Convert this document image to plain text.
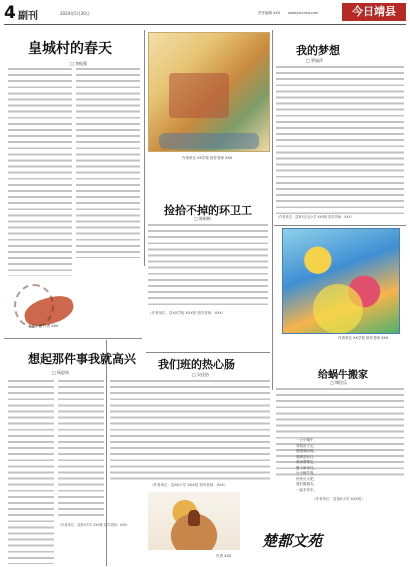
4 副刊	2024年5月30日	责任编辑 XXX www.jxmrxw.com	今日靖县
皇城村的春天
□ 李振强
吉祥如意 作者 XXX
作者单位 XX学校 指导老师 XXX
捡拾不掉的环卫工
□ 陈彬彬
（作者单位：县XX学校 XXX班 指导老师：XXX）
我的梦想
□ 罗丽萍
（作者单位：县第X完全小学 XXX班 指导老师：XXX）
作者单位 XX学校 指导老师 XXX
想起那件事我就高兴
□ 杨思妍
（作者单位：县第X中学 XXX班 指导老师：XXX）
我们班的热心肠
□ 吴佳怡
（作者单位：县XX小学 XXX班 指导老师：XXX）
作者 XXX
给蜗牛搬家
□ 谭佳乐
一只小蜗牛，
背着房子走，
慢慢爬呀爬，
爬到花坛口，
我来帮帮它，
搬个新家住，
小小蜗牛呀，
快快长大吧，
我们做朋友，
一起手牵手。
（作者单位：县第X小学 XXX班）
楚都文苑
